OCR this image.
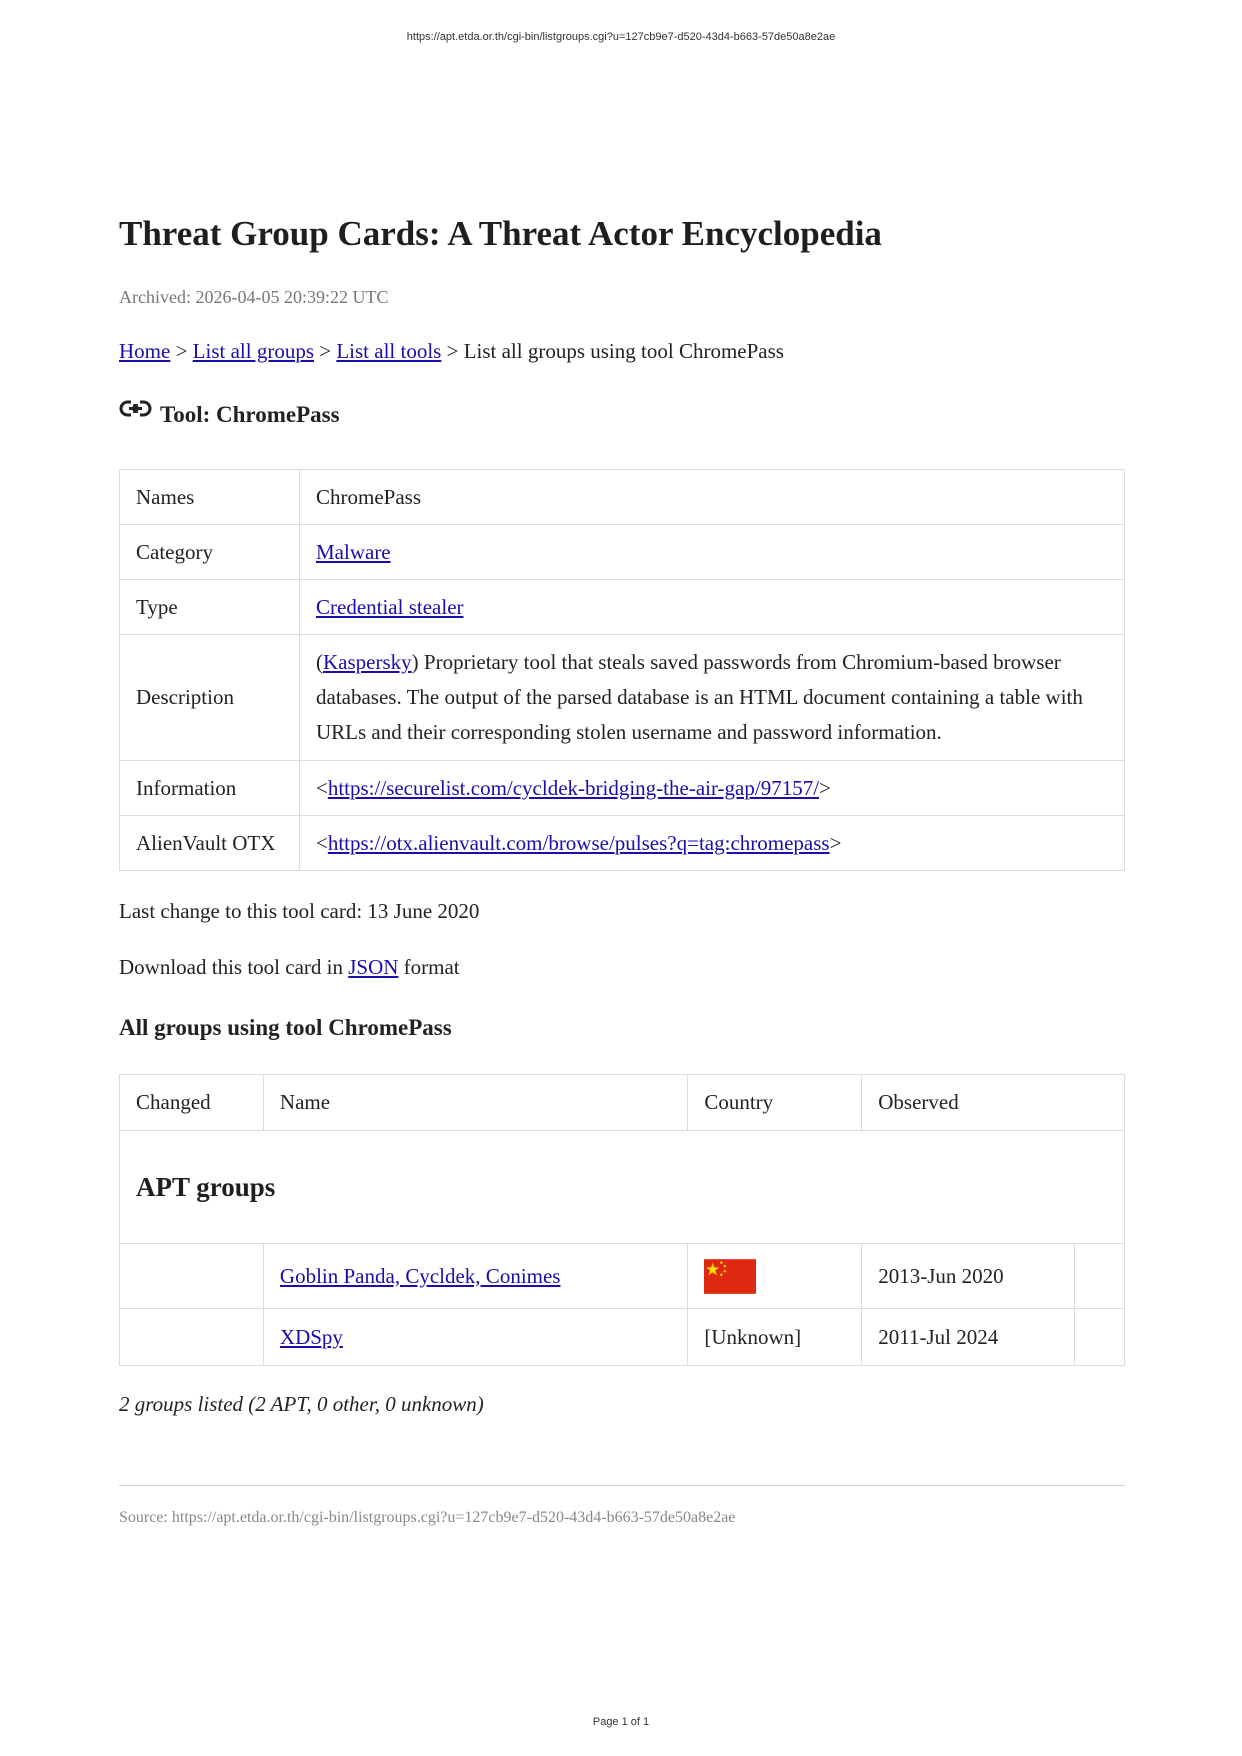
https://apt.etda.or.th/cgi-bin/listgroups.cgi?u=127cb9e7-d520-43d4-b663-57de50a8e2ae
Threat Group Cards: A Threat Actor Encyclopedia
Archived: 2026-04-05 20:39:22 UTC
Home > List all groups > List all tools > List all groups using tool ChromePass
Tool: ChromePass
Names	ChromePass
Category	Malware
Type	Credential stealer
Description	(Kaspersky) Proprietary tool that steals saved passwords from Chromium-based browser databases. The output of the parsed database is an HTML document containing a table with URLs and their corresponding stolen username and password information.
Information	<https://securelist.com/cycldek-bridging-the-air-gap/97157/>
AlienVault OTX	<https://otx.alienvault.com/browse/pulses?q=tag:chromepass>
Last change to this tool card: 13 June 2020
Download this tool card in JSON format
All groups using tool ChromePass
Changed	Name	Country	Observed	
APT groups				
	Goblin Panda, Cycldek, Conimes		2013-Jun 2020	
	XDSpy	[Unknown]	2011-Jul 2024	
2 groups listed (2 APT, 0 other, 0 unknown)
Source: https://apt.etda.or.th/cgi-bin/listgroups.cgi?u=127cb9e7-d520-43d4-b663-57de50a8e2ae
Page 1 of 1
